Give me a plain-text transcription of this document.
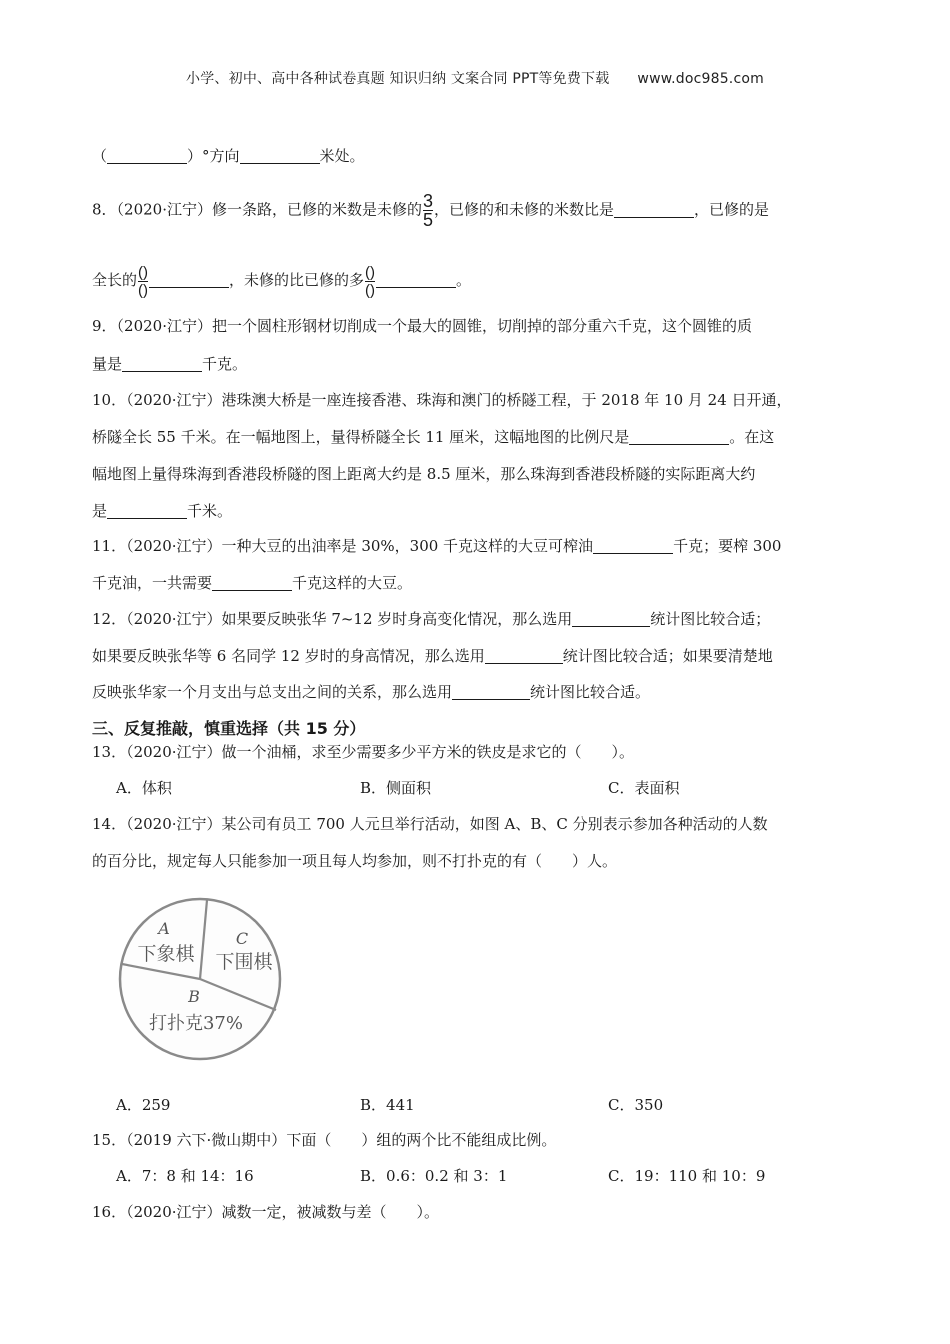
小学、初中、高中各种试卷真题 知识归纳 文案合同 PPT等免费下载 www.doc985.com
（	）°方向	米处。
8．（2020·江宁）修一条路，已修的米数是未修的 $\frac{3}{5}$ ，已修的和未修的米数比是	，已修的是
全长的 $\frac{()}{()}$	，未修的比已修的多 $\frac{()}{()}$	。
9．（2020·江宁）把一个圆柱形钢材切削成一个最大的圆锥，切削掉的部分重六千克，这个圆锥的质
量是	千克。
10．（2020·江宁）港珠澳大桥是一座连接香港、珠海和澳门的桥隧工程，于 2018 年 10 月 24 日开通，
桥隧全长 55 千米。在一幅地图上，量得桥隧全长 11 厘米，这幅地图的比例尺是	。在这
幅地图上量得珠海到香港段桥隧的图上距离大约是 8.5 厘米，那么珠海到香港段桥隧的实际距离大约
是	千米。
11．（2020·江宁）一种大豆的出油率是 30%，300 千克这样的大豆可榨油	千克；要榨 300
千克油，一共需要	千克这样的大豆。
12．（2020·江宁）如果要反映张华 7~12 岁时身高变化情况，那么选用	统计图比较合适；
如果要反映张华等 6 名同学 12 岁时的身高情况，那么选用	统计图比较合适；如果要清楚地
反映张华家一个月支出与总支出之间的关系，那么选用	统计图比较合适。
三、反复推敲，慎重选择（共 15 分）
13．（2020·江宁）做一个油桶，求至少需要多少平方米的铁皮是求它的（　　）。
A．体积	B．侧面积	C．表面积
14．（2020·江宁）某公司有员工 700 人元旦举行活动，如图 A、B、C 分别表示参加各种活动的人数
的百分比，规定每人只能参加一项且每人均参加，则不打扑克的有（　　）人。
A
下象棋
C
下围棋
B
打扑克37%
A．259	B．441	C．350
15．（2019 六下·微山期中）下面（　　）组的两个比不能组成比例。
A．7：8 和 14：16	B．0.6：0.2 和 3：1	C．19：110 和 10：9
16．（2020·江宁）减数一定，被减数与差（　　）。
